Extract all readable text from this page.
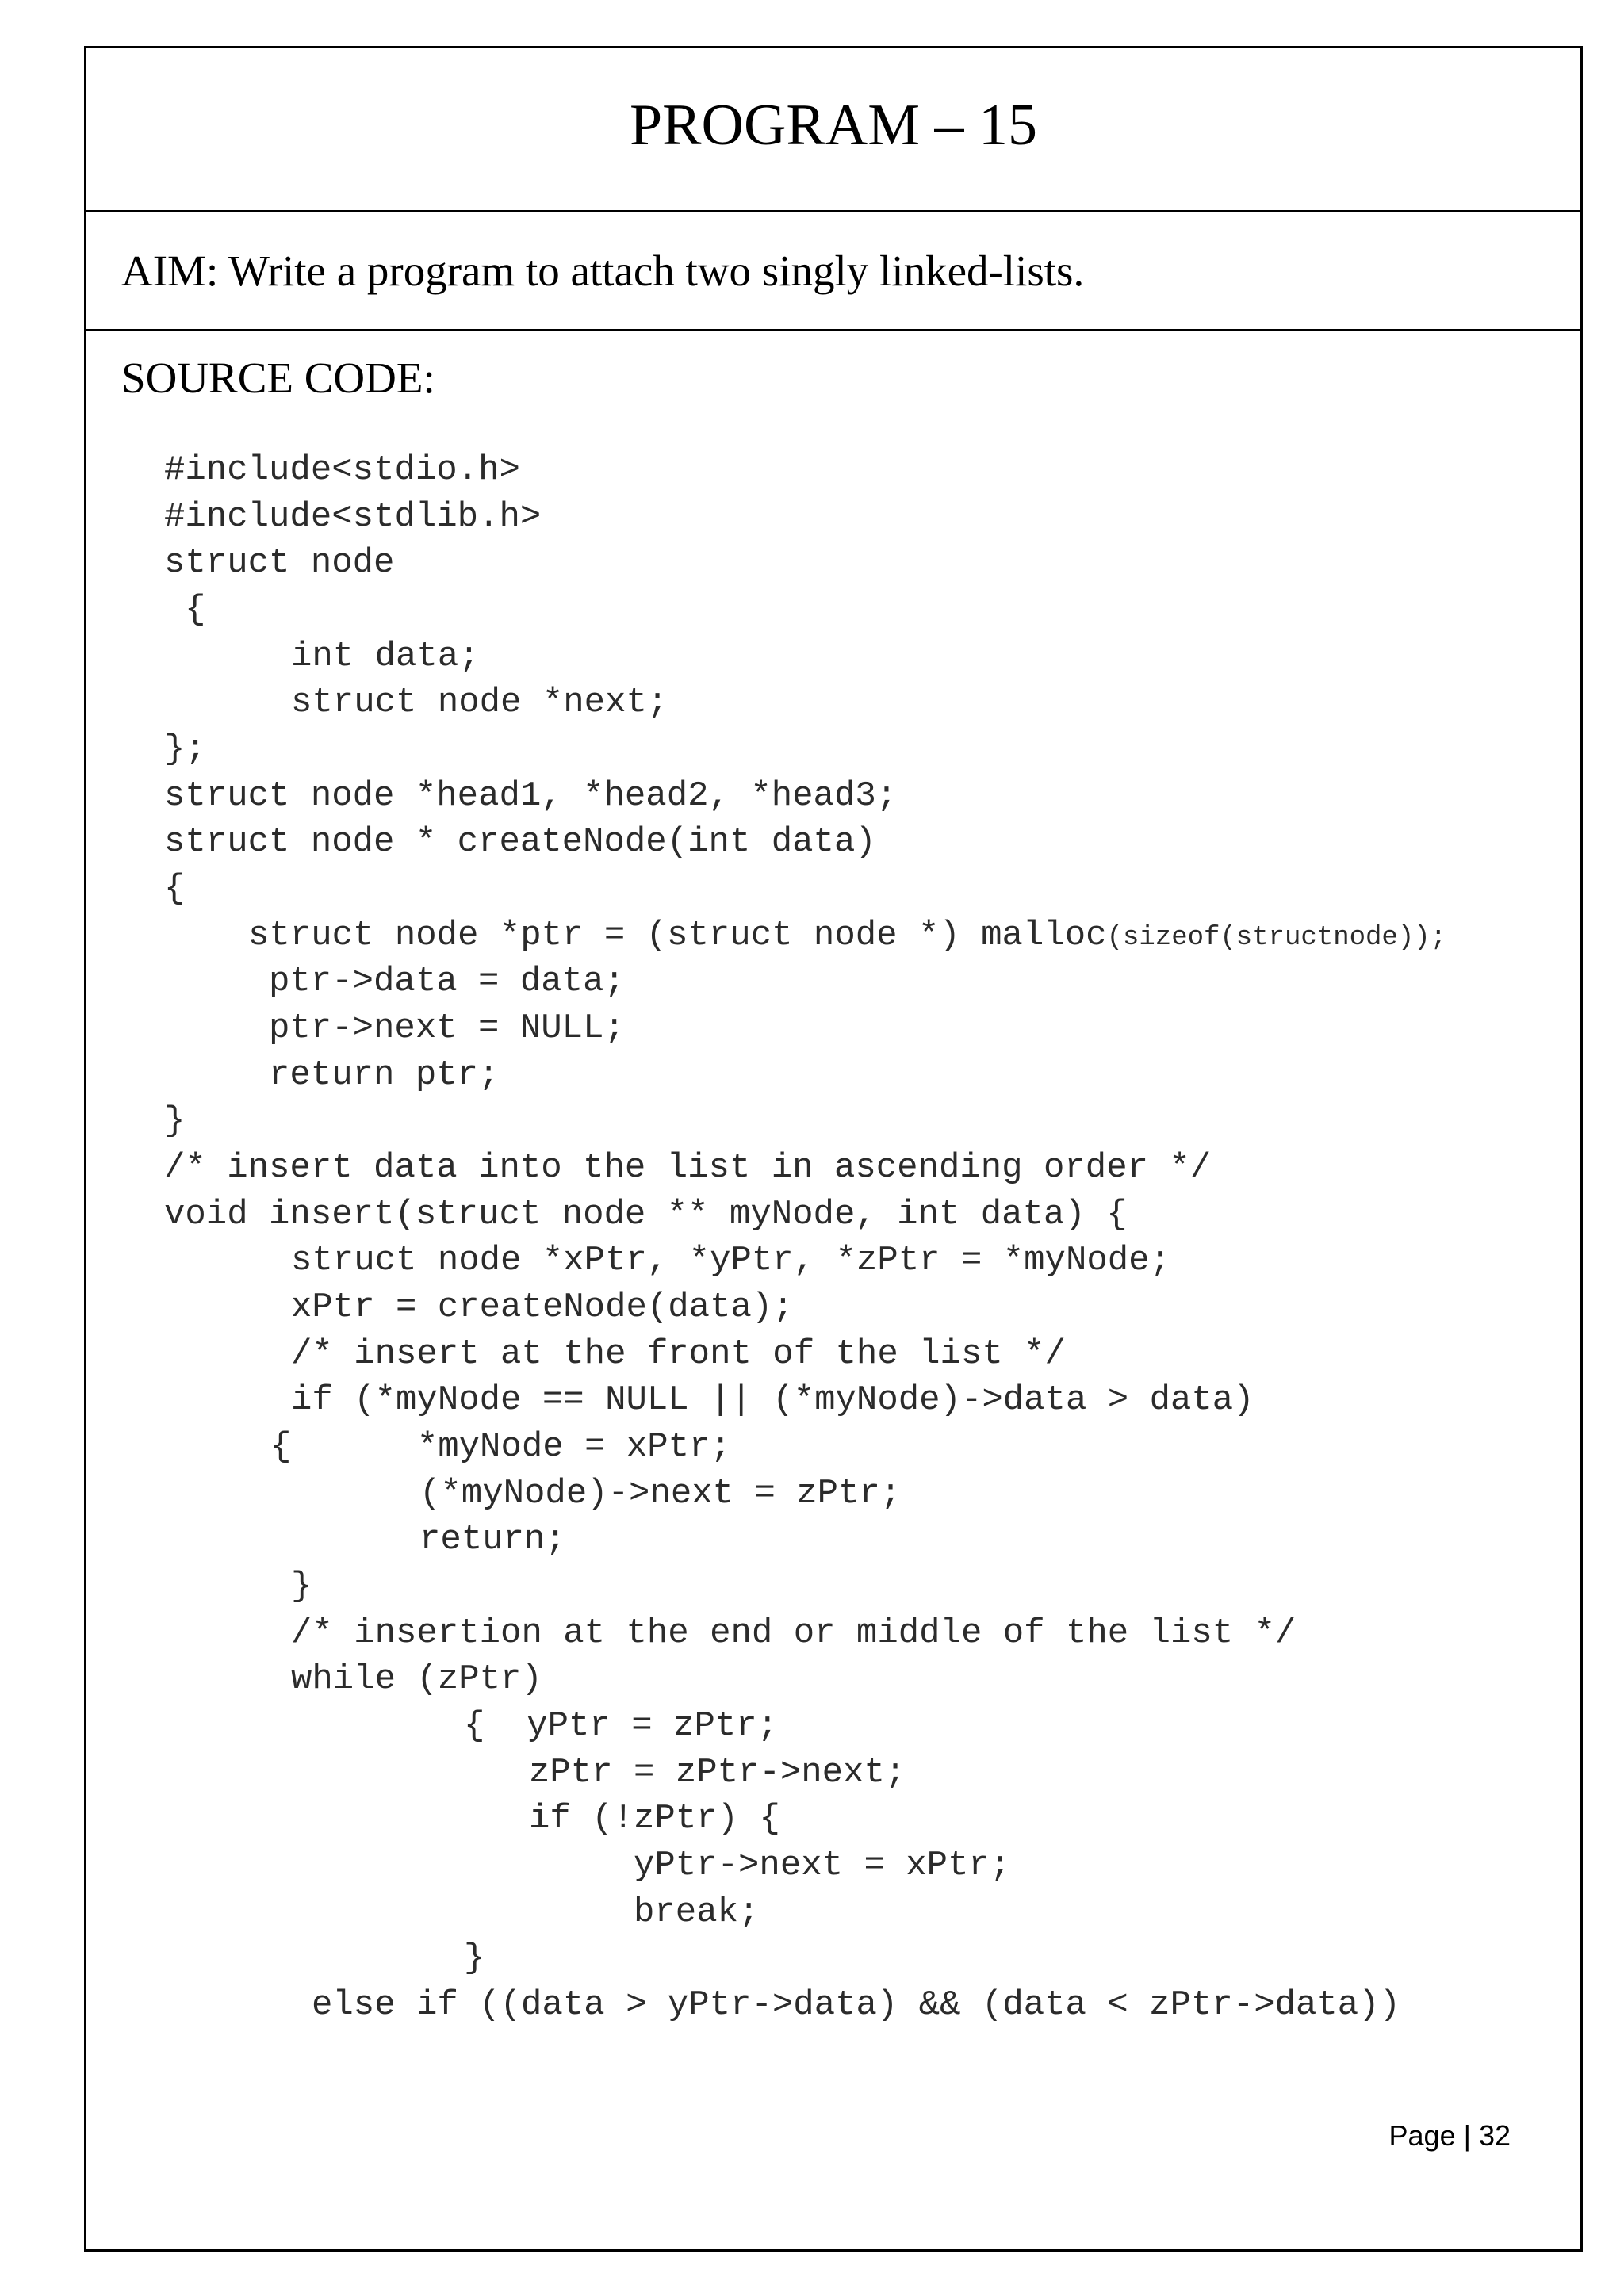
PROGRAM – 15

AIM: Write a program to attach two singly linked-lists.

SOURCE CODE:

#include<stdio.h>
#include<stdlib.h>
struct node
{
int data;
struct node *next;
};
struct node *head1, *head2, *head3;
struct node * createNode(int data)
{
struct node *ptr = (struct node *) malloc(sizeof(structnode));
ptr->data = data;
ptr->next = NULL;
return ptr;
}
/* insert data into the list in ascending order */
void insert(struct node ** myNode, int data) {
struct node *xPtr, *yPtr, *zPtr = *myNode;
xPtr = createNode(data);
/* insert at the front of the list */
if (*myNode == NULL || (*myNode)->data > data)
{      *myNode = xPtr;
(*myNode)->next = zPtr;
return;
}
/* insertion at the end or middle of the list */
while (zPtr)
{  yPtr = zPtr;
zPtr = zPtr->next;
if (!zPtr) {
yPtr->next = xPtr;
break;
}
else if ((data > yPtr->data) && (data < zPtr->data))
Page | 32
